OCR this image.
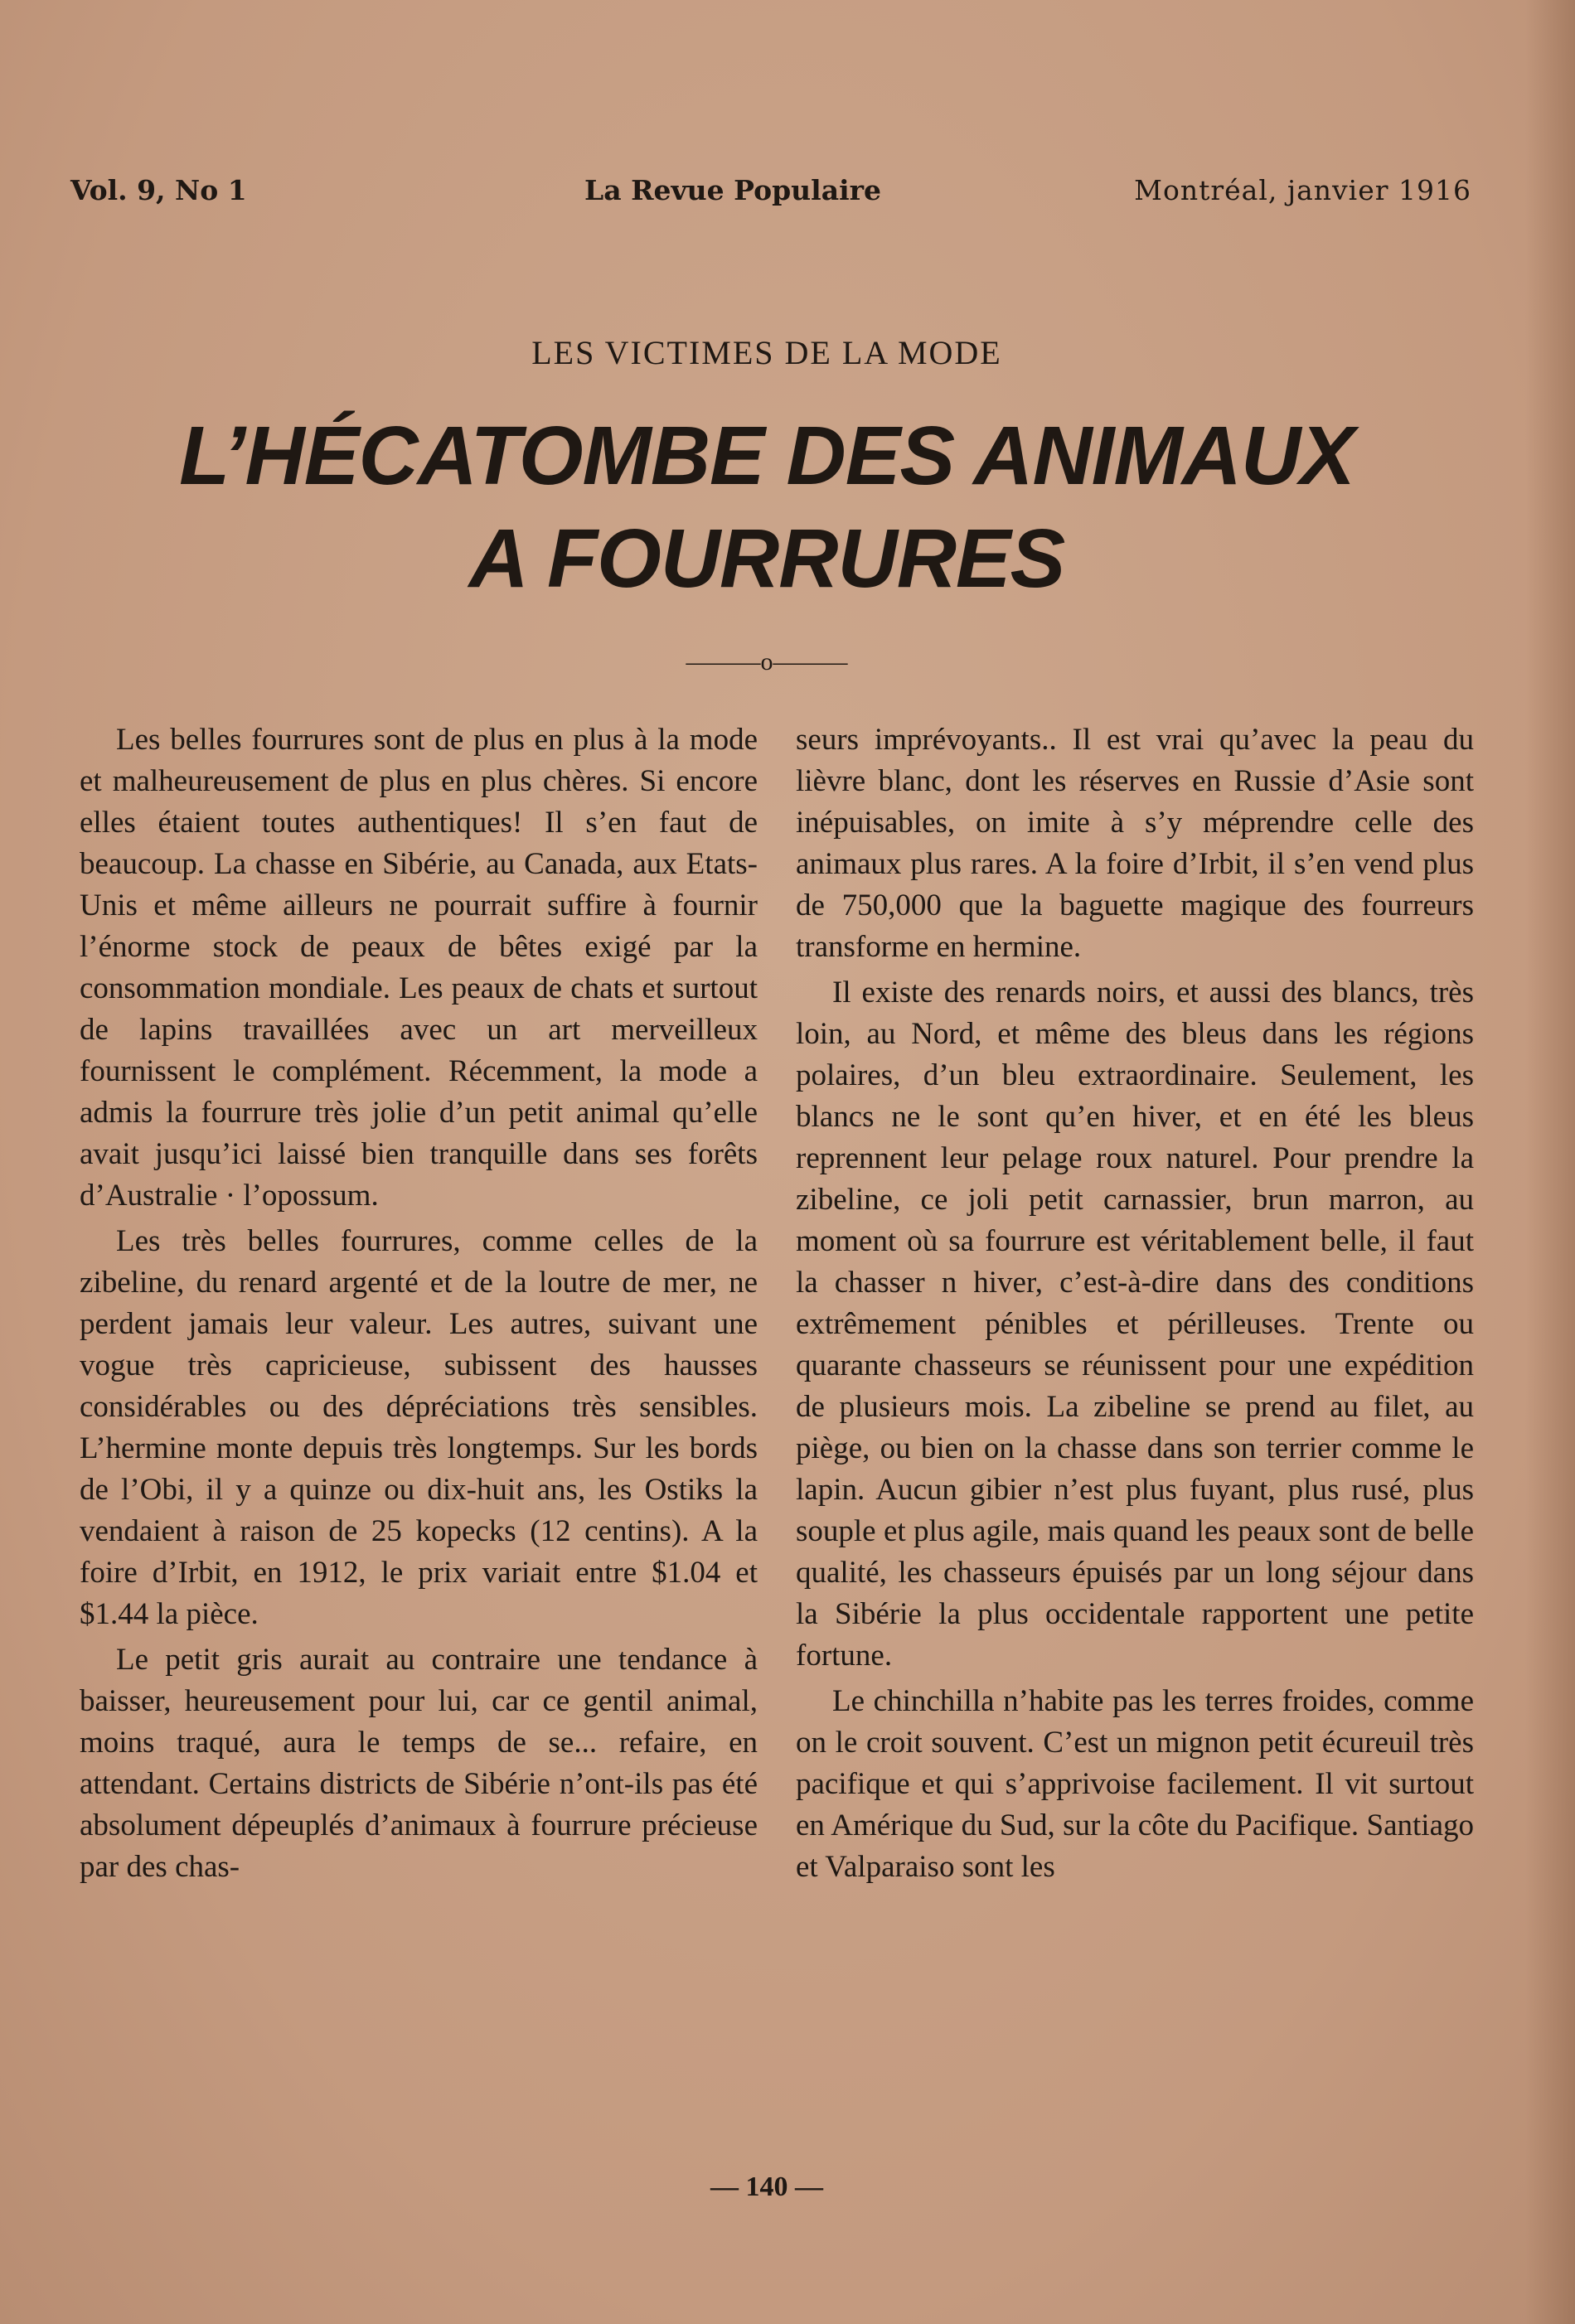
Vol. 9, No 1	La Revue Populaire	Montréal, janvier 1916
LES VICTIMES DE LA MODE
L’HÉCATOMBE DES ANIMAUX
A FOURRURES
———o———

Les belles fourrures sont de plus en plus à la mode et malheureusement de plus en plus chères. Si encore elles étaient toutes authentiques! Il s’en faut de beaucoup. La chasse en Sibérie, au Canada, aux Etats-Unis et même ailleurs ne pourrait suffire à fournir l’énorme stock de peaux de bêtes exigé par la consommation mondiale. Les peaux de chats et surtout de lapins travaillées avec un art merveilleux fournissent le complément. Récemment, la mode a admis la fourrure très jolie d’un petit animal qu’elle avait jusqu’ici laissé bien tranquille dans ses forêts d’Australie · l’opossum.

Les très belles fourrures, comme celles de la zibeline, du renard argenté et de la loutre de mer, ne perdent jamais leur valeur. Les autres, suivant une vogue très capricieuse, subissent des hausses considérables ou des dépréciations très sensibles. L’hermine monte depuis très longtemps. Sur les bords de l’Obi, il y a quinze ou dix-huit ans, les Ostiks la vendaient à raison de 25 kopecks (12 centins). A la foire d’Irbit, en 1912, le prix variait entre $1.04 et $1.44 la pièce.

Le petit gris aurait au contraire une tendance à baisser, heureusement pour lui, car ce gentil animal, moins traqué, aura le temps de se... refaire, en attendant. Certains districts de Sibérie n’ont-ils pas été absolument dépeuplés d’animaux à fourrure précieuse par des chas-

seurs imprévoyants.. Il est vrai qu’avec la peau du lièvre blanc, dont les réserves en Russie d’Asie sont inépuisables, on imite à s’y méprendre celle des animaux plus rares. A la foire d’Irbit, il s’en vend plus de 750,000 que la baguette magique des fourreurs transforme en hermine.

Il existe des renards noirs, et aussi des blancs, très loin, au Nord, et même des bleus dans les régions polaires, d’un bleu extraordinaire. Seulement, les blancs ne le sont qu’en hiver, et en été les bleus reprennent leur pelage roux naturel. Pour prendre la zibeline, ce joli petit carnassier, brun marron, au moment où sa fourrure est véritablement belle, il faut la chasser n hiver, c’est-à-dire dans des conditions extrêmement pénibles et périlleuses. Trente ou quarante chasseurs se réunissent pour une expédition de plusieurs mois. La zibeline se prend au filet, au piège, ou bien on la chasse dans son terrier comme le lapin. Aucun gibier n’est plus fuyant, plus rusé, plus souple et plus agile, mais quand les peaux sont de belle qualité, les chasseurs épuisés par un long séjour dans la Sibérie la plus occidentale rapportent une petite fortune.

Le chinchilla n’habite pas les terres froides, comme on le croit souvent. C’est un mignon petit écureuil très pacifique et qui s’apprivoise facilement. Il vit surtout en Amérique du Sud, sur la côte du Pacifique. Santiago et Valparaiso sont les

— 140 —
